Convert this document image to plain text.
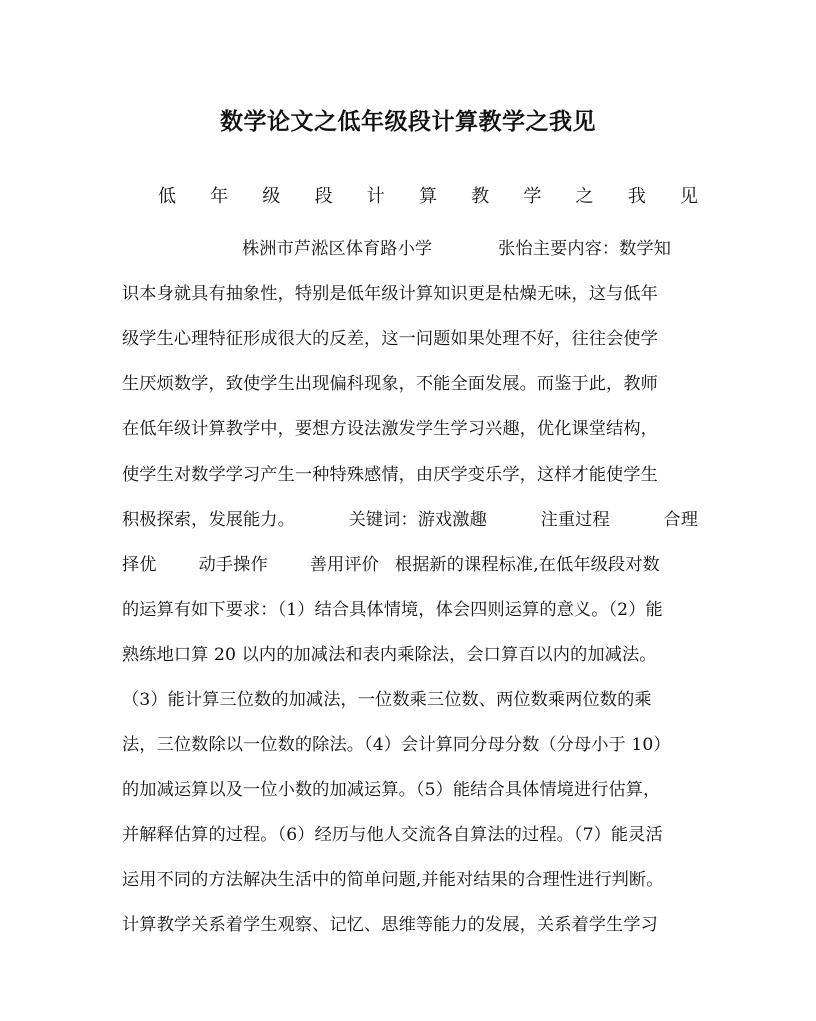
数学论文之低年级段计算教学之我见
低 年 级 段 计 算 教 学 之 我 见
株洲市芦淞区体育路小学	张怡主要内容：数学知
识本身就具有抽象性，特别是低年级计算知识更是枯燥无味，这与低年
级学生心理特征形成很大的反差，这一问题如果处理不好，往往会使学
生厌烦数学，致使学生出现偏科现象，不能全面发展。而鉴于此，教师
在低年级计算教学中，要想方设法激发学生学习兴趣，优化课堂结构，
使学生对数学学习产生一种特殊感情，由厌学变乐学，这样才能使学生
积极探索，发展能力。	关键词：游戏激趣	注重过程	合理
择优 动手操作 善用评价 根据新的课程标准,在低年级段对数
的运算有如下要求：（1）结合具体情境，体会四则运算的意义。（2）能
熟练地口算 20 以内的加减法和表内乘除法，会口算百以内的加减法。
（3）能计算三位数的加减法，一位数乘三位数、两位数乘两位数的乘
法，三位数除以一位数的除法。（4）会计算同分母分数（分母小于 10）
的加减运算以及一位小数的加减运算。（5）能结合具体情境进行估算，
并解释估算的过程。（6）经历与他人交流各自算法的过程。（7）能灵活
运用不同的方法解决生活中的简单问题,并能对结果的合理性进行判断。
计算教学关系着学生观察、记忆、思维等能力的发展，关系着学生学习
